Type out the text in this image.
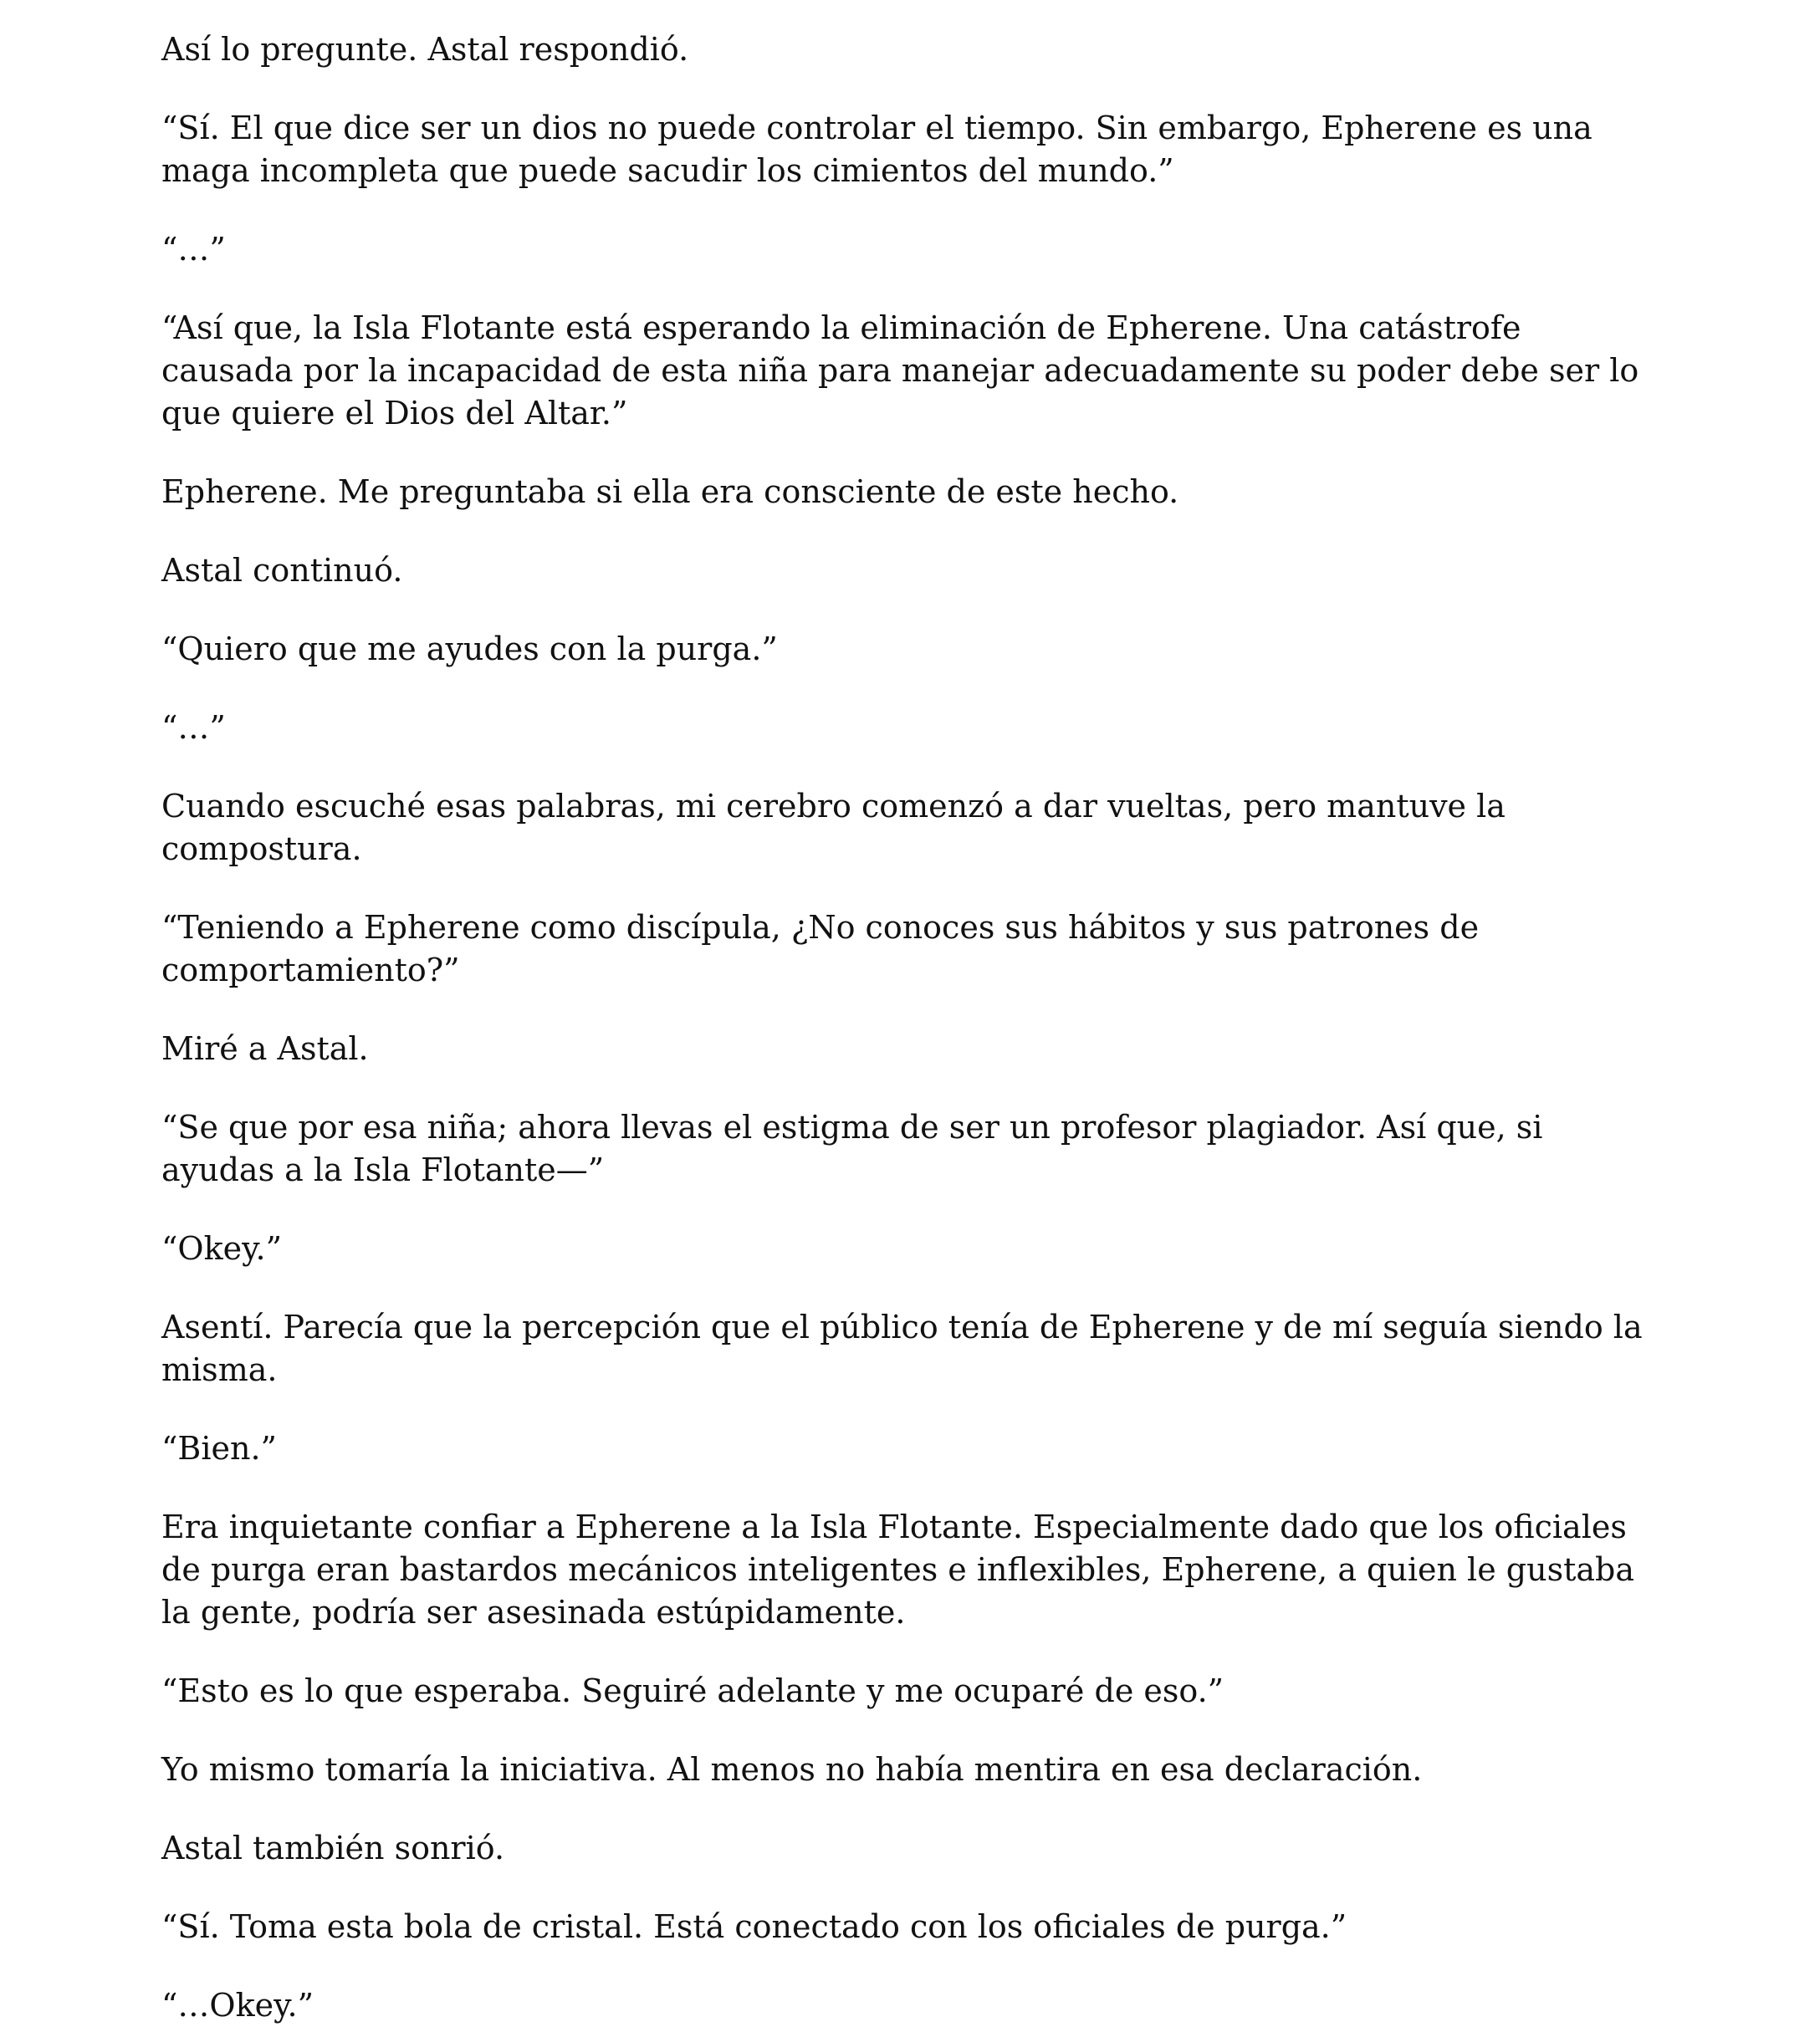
Así lo pregunte. Astal respondió.

“Sí. El que dice ser un dios no puede controlar el tiempo. Sin embargo, Epherene es una maga incompleta que puede sacudir los cimientos del mundo.”

“…”

“Así que, la Isla Flotante está esperando la eliminación de Epherene. Una catástrofe causada por la incapacidad de esta niña para manejar adecuadamente su poder debe ser lo que quiere el Dios del Altar.”

Epherene. Me preguntaba si ella era consciente de este hecho.

Astal continuó.

“Quiero que me ayudes con la purga.”

“…”

Cuando escuché esas palabras, mi cerebro comenzó a dar vueltas, pero mantuve la compostura.

“Teniendo a Epherene como discípula, ¿No conoces sus hábitos y sus patrones de comportamiento?”

Miré a Astal.

“Se que por esa niña; ahora llevas el estigma de ser un profesor plagiador. Así que, si ayudas a la Isla Flotante—”

“Okey.”

Asentí. Parecía que la percepción que el público tenía de Epherene y de mí seguía siendo la misma.

“Bien.”

Era inquietante confiar a Epherene a la Isla Flotante. Especialmente dado que los oficiales de purga eran bastardos mecánicos inteligentes e inflexibles, Epherene, a quien le gustaba la gente, podría ser asesinada estúpidamente.

“Esto es lo que esperaba. Seguiré adelante y me ocuparé de eso.”

Yo mismo tomaría la iniciativa. Al menos no había mentira en esa declaración.

Astal también sonrió.

“Sí. Toma esta bola de cristal. Está conectado con los oficiales de purga.”

“…Okey.”
